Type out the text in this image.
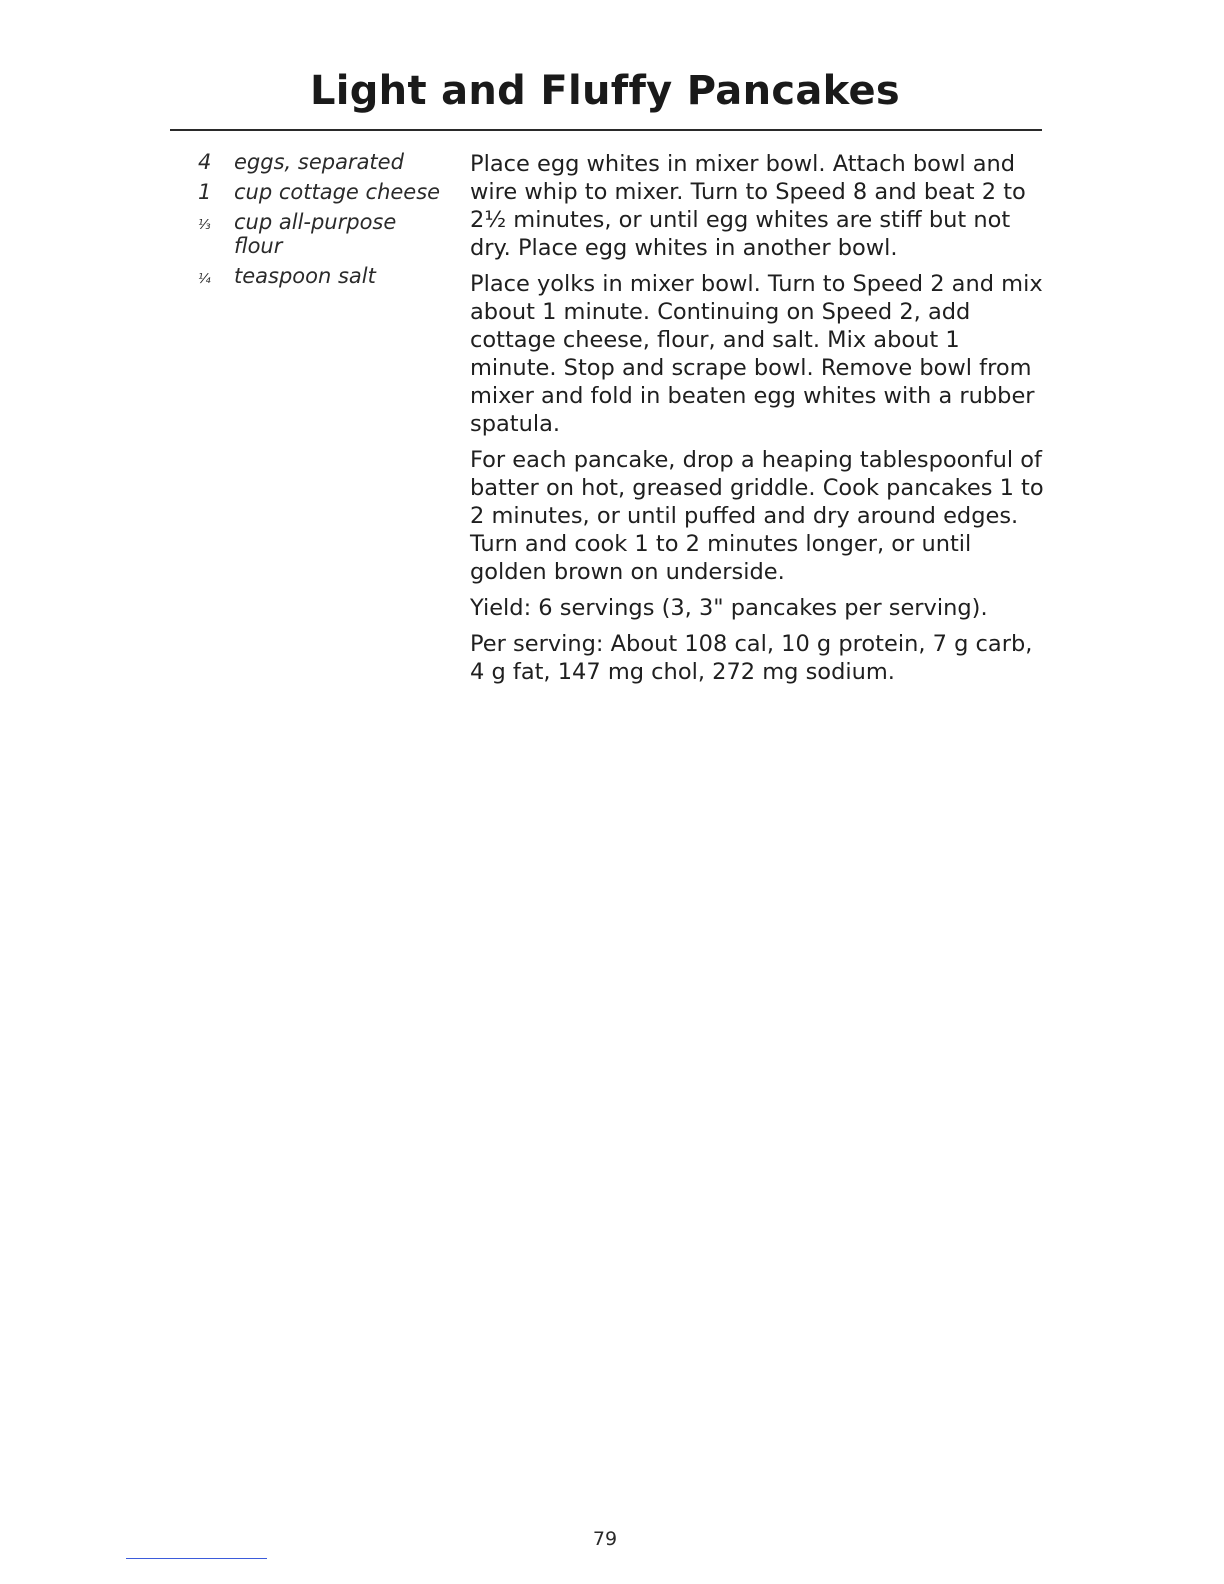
Light and Fluffy Pancakes
4	eggs, separated
1	cup cottage cheese
⅓	cup all-purpose flour
¼	teaspoon salt

Place egg whites in mixer bowl. Attach bowl and wire whip to mixer. Turn to Speed 8 and beat 2 to 2½ minutes, or until egg whites are stiff but not dry. Place egg whites in another bowl.

Place yolks in mixer bowl. Turn to Speed 2 and mix about 1 minute. Continuing on Speed 2, add cottage cheese, flour, and salt. Mix about 1 minute. Stop and scrape bowl. Remove bowl from mixer and fold in beaten egg whites with a rubber spatula.

For each pancake, drop a heaping tablespoonful of batter on hot, greased griddle. Cook pancakes 1 to 2 minutes, or until puffed and dry around edges. Turn and cook 1 to 2 minutes longer, or until golden brown on underside.

Yield: 6 servings (3, 3" pancakes per serving).

Per serving: About 108 cal, 10 g protein, 7 g carb, 4 g fat, 147 mg chol, 272 mg sodium.

79
